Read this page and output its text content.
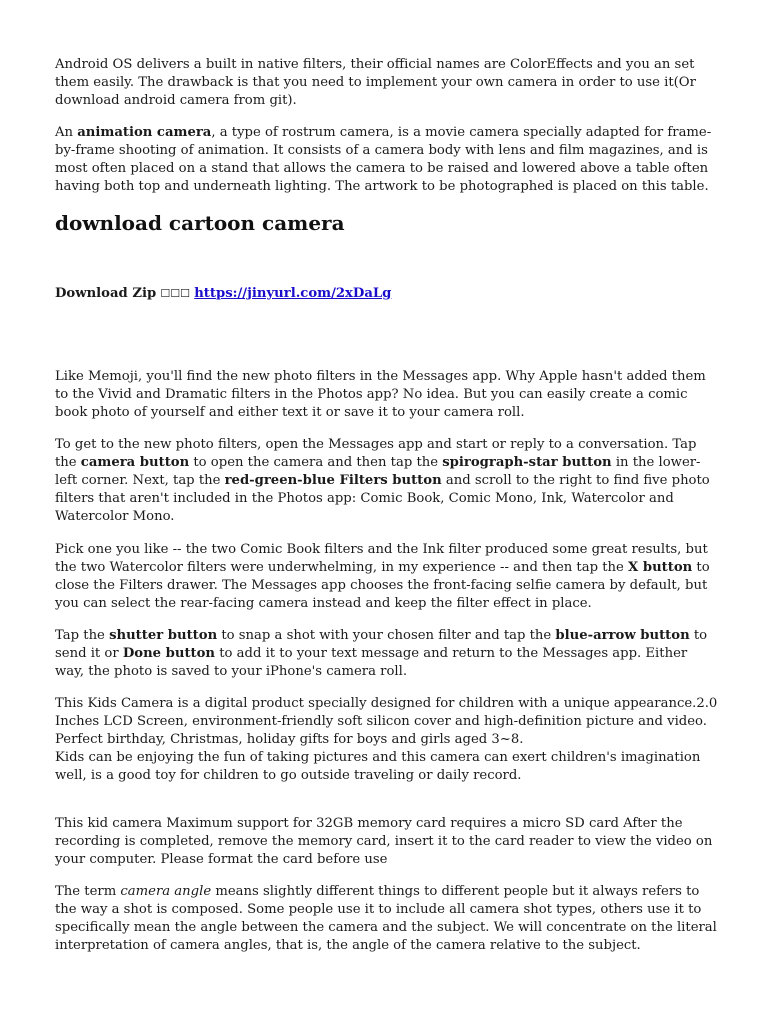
Android OS delivers a built in native filters, their official names are ColorEffects and you an set them easily. The drawback is that you need to implement your own camera in order to use it(Or download android camera from git).

An animation camera, a type of rostrum camera, is a movie camera specially adapted for frame-by-frame shooting of animation. It consists of a camera body with lens and film magazines, and is most often placed on a stand that allows the camera to be raised and lowered above a table often having both top and underneath lighting. The artwork to be photographed is placed on this table.

download cartoon camera

Download Zip ☐☐☐ https://jinyurl.com/2xDaLg

Like Memoji, you'll find the new photo filters in the Messages app. Why Apple hasn't added them to the Vivid and Dramatic filters in the Photos app? No idea. But you can easily create a comic book photo of yourself and either text it or save it to your camera roll.

To get to the new photo filters, open the Messages app and start or reply to a conversation. Tap the camera button to open the camera and then tap the spirograph-star button in the lower-left corner. Next, tap the red-green-blue Filters button and scroll to the right to find five photo filters that aren't included in the Photos app: Comic Book, Comic Mono, Ink, Watercolor and Watercolor Mono.

Pick one you like -- the two Comic Book filters and the Ink filter produced some great results, but the two Watercolor filters were underwhelming, in my experience -- and then tap the X button to close the Filters drawer. The Messages app chooses the front-facing selfie camera by default, but you can select the rear-facing camera instead and keep the filter effect in place.

Tap the shutter button to snap a shot with your chosen filter and tap the blue-arrow button to send it or Done button to add it to your text message and return to the Messages app. Either way, the photo is saved to your iPhone's camera roll.

This Kids Camera is a digital product specially designed for children with a unique appearance.2.0 Inches LCD Screen, environment-friendly soft silicon cover and high-definition picture and video. Perfect birthday, Christmas, holiday gifts for boys and girls aged 3~8.
Kids can be enjoying the fun of taking pictures and this camera can exert children's imagination well, is a good toy for children to go outside traveling or daily record.

This kid camera Maximum support for 32GB memory card requires a micro SD card After the recording is completed, remove the memory card, insert it to the card reader to view the video on your computer. Please format the card before use

The term camera angle means slightly different things to different people but it always refers to the way a shot is composed. Some people use it to include all camera shot types, others use it to specifically mean the angle between the camera and the subject. We will concentrate on the literal interpretation of camera angles, that is, the angle of the camera relative to the subject.
